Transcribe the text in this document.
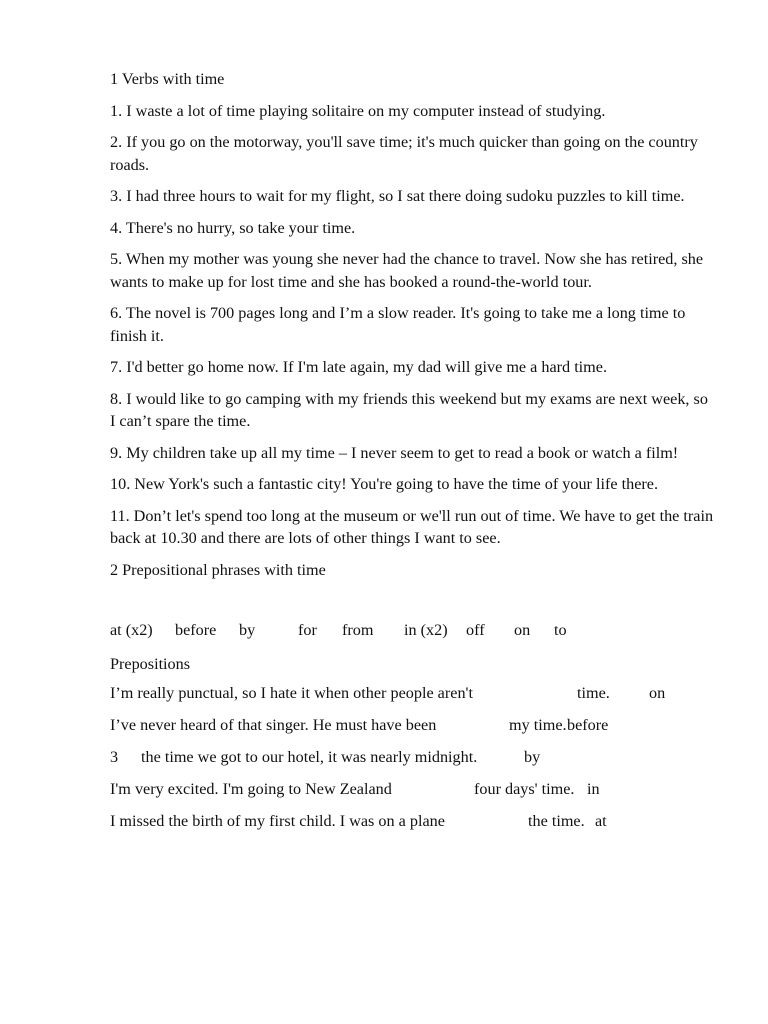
1 Verbs with time

1. I waste a lot of time playing solitaire on my computer instead of studying.

2. If you go on the motorway, you'll save time; it's much quicker than going on the country roads.

3. I had three hours to wait for my flight, so I sat there doing sudoku puzzles to kill time.

4. There's no hurry, so take your time.

5. When my mother was young she never had the chance to travel. Now she has retired, she wants to make up for lost time and she has booked a round-the-world tour.

6. The novel is 700 pages long and I’m a slow reader. It's going to take me a long time to finish it.

7. I'd better go home now. If I'm late again, my dad will give me a hard time.

8. I would like to go camping with my friends this weekend but my exams are next week, so I can’t spare the time.

9. My children take up all my time – I never seem to get to read a book or watch a film!

10. New York's such a fantastic city! You're going to have the time of your life there.

11. Don’t let's spend too long at the museum or we'll run out of time. We have to get the train back at 10.30 and there are lots of other things I want to see.

2 Prepositional phrases with time

at (x2) before by	for from in (x2) off on to

Prepositions

I’m really punctual, so I hate it when other people aren't	time. on
I’ve never heard of that singer. He must have been	my time. before
3 the time we got to our hotel, it was nearly midnight.	by
I'm very excited. I'm going to New Zealand	four days' time. in
I missed the birth of my first child. I was on a plane	the time. at
